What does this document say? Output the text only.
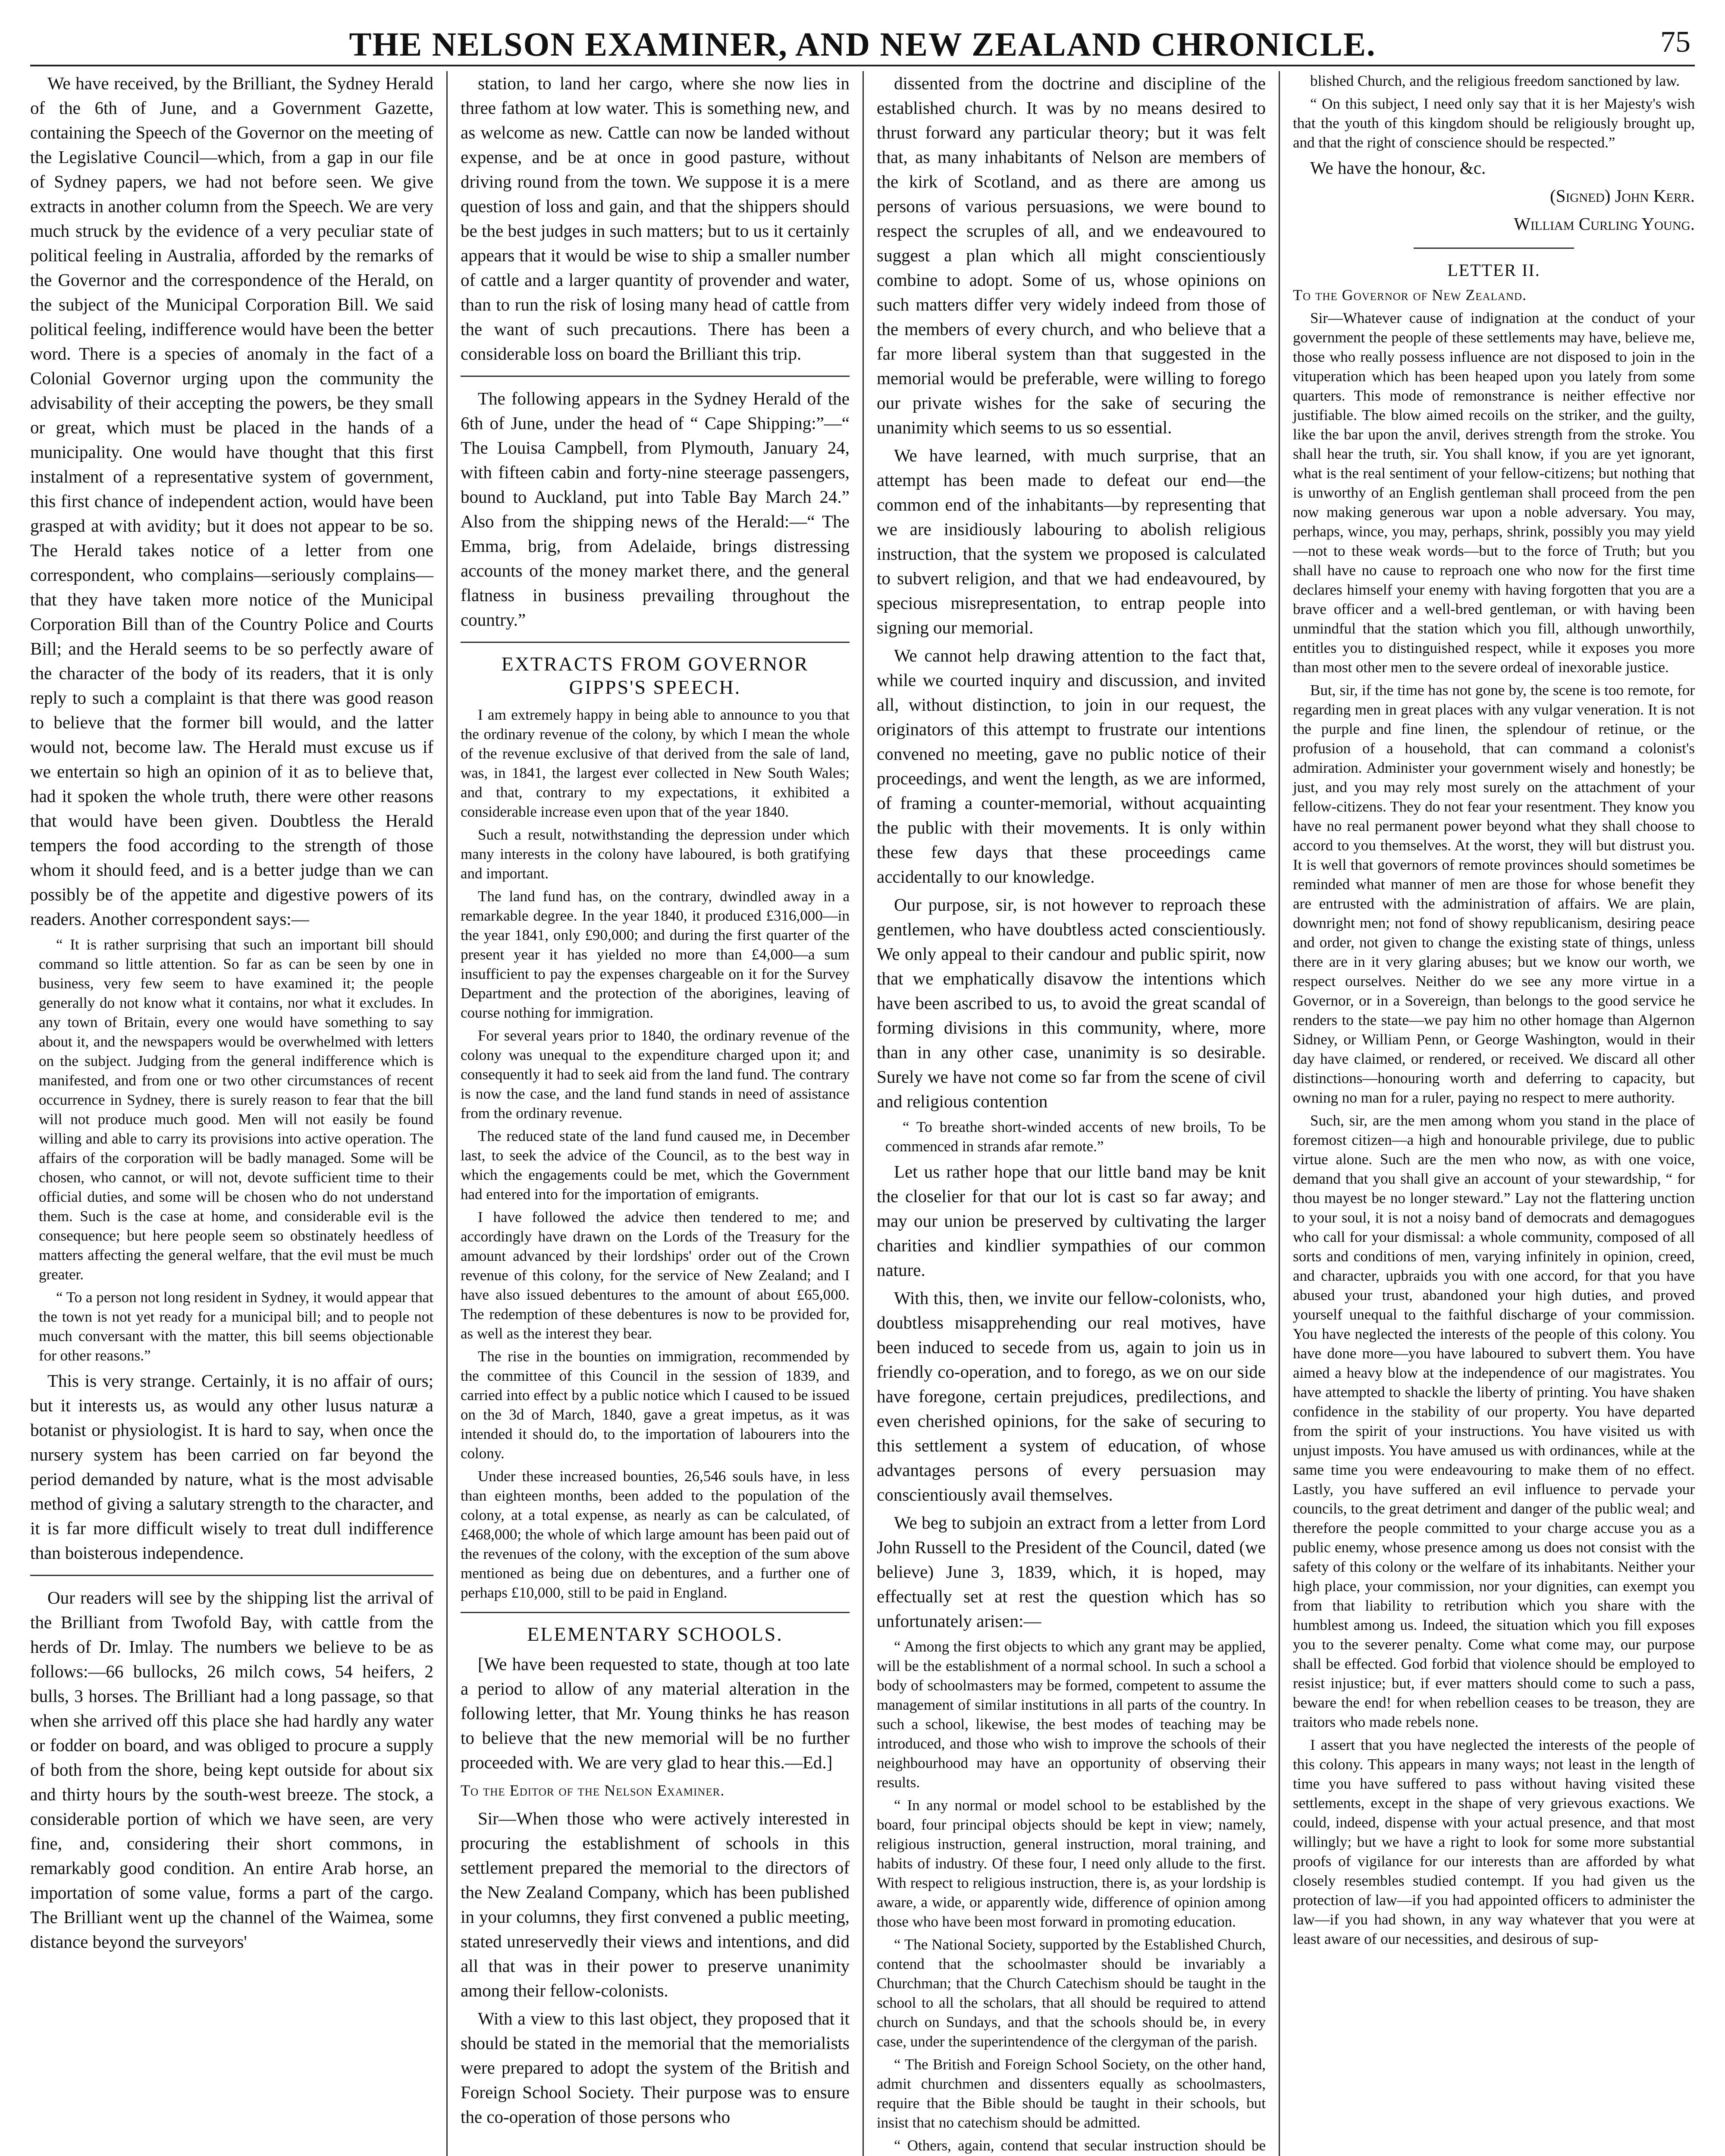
THE NELSON EXAMINER, AND NEW ZEALAND CHRONICLE.	75

We have received, by the Brilliant, the Sydney Herald of the 6th of June, and a Government Gazette, containing the Speech of the Governor on the meeting of the Legislative Council—which, from a gap in our file of Sydney papers, we had not before seen. We give extracts in another column from the Speech. We are very much struck by the evidence of a very peculiar state of political feeling in Australia, afforded by the remarks of the Governor and the correspondence of the Herald, on the subject of the Municipal Corporation Bill. We said political feeling, indifference would have been the better word. There is a species of anomaly in the fact of a Colonial Governor urging upon the community the advisability of their accepting the powers, be they small or great, which must be placed in the hands of a municipality. One would have thought that this first instalment of a representative system of government, this first chance of independent action, would have been grasped at with avidity; but it does not appear to be so. The Herald takes notice of a letter from one correspondent, who complains—seriously complains—that they have taken more notice of the Municipal Corporation Bill than of the Country Police and Courts Bill; and the Herald seems to be so perfectly aware of the character of the body of its readers, that it is only reply to such a complaint is that there was good reason to believe that the former bill would, and the latter would not, become law. The Herald must excuse us if we entertain so high an opinion of it as to believe that, had it spoken the whole truth, there were other reasons that would have been given. Doubtless the Herald tempers the food according to the strength of those whom it should feed, and is a better judge than we can possibly be of the appetite and digestive powers of its readers. Another correspondent says:—

“ It is rather surprising that such an important bill should command so little attention. So far as can be seen by one in business, very few seem to have examined it; the people generally do not know what it contains, nor what it excludes. In any town of Britain, every one would have something to say about it, and the newspapers would be overwhelmed with letters on the subject. Judging from the general indifference which is manifested, and from one or two other circumstances of recent occurrence in Sydney, there is surely reason to fear that the bill will not produce much good. Men will not easily be found willing and able to carry its provisions into active operation. The affairs of the corporation will be badly managed. Some will be chosen, who cannot, or will not, devote sufficient time to their official duties, and some will be chosen who do not understand them. Such is the case at home, and considerable evil is the consequence; but here people seem so obstinately heedless of matters affecting the general welfare, that the evil must be much greater.

“ To a person not long resident in Sydney, it would appear that the town is not yet ready for a municipal bill; and to people not much conversant with the matter, this bill seems objectionable for other reasons.”

This is very strange. Certainly, it is no affair of ours; but it interests us, as would any other lusus naturæ a botanist or physiologist. It is hard to say, when once the nursery system has been carried on far beyond the period demanded by nature, what is the most advisable method of giving a salutary strength to the character, and it is far more difficult wisely to treat dull indifference than boisterous independence.

Our readers will see by the shipping list the arrival of the Brilliant from Twofold Bay, with cattle from the herds of Dr. Imlay. The numbers we believe to be as follows:—66 bullocks, 26 milch cows, 54 heifers, 2 bulls, 3 horses. The Brilliant had a long passage, so that when she arrived off this place she had hardly any water or fodder on board, and was obliged to procure a supply of both from the shore, being kept outside for about six and thirty hours by the south-west breeze. The stock, a considerable portion of which we have seen, are very fine, and, considering their short commons, in remarkably good condition. An entire Arab horse, an importation of some value, forms a part of the cargo. The Brilliant went up the channel of the Waimea, some distance beyond the surveyors'

station, to land her cargo, where she now lies in three fathom at low water. This is something new, and as welcome as new. Cattle can now be landed without expense, and be at once in good pasture, without driving round from the town. We suppose it is a mere question of loss and gain, and that the shippers should be the best judges in such matters; but to us it certainly appears that it would be wise to ship a smaller number of cattle and a larger quantity of provender and water, than to run the risk of losing many head of cattle from the want of such precautions. There has been a considerable loss on board the Brilliant this trip.

The following appears in the Sydney Herald of the 6th of June, under the head of “ Cape Shipping:”—“ The Louisa Campbell, from Plymouth, January 24, with fifteen cabin and forty-nine steerage passengers, bound to Auckland, put into Table Bay March 24.” Also from the shipping news of the Herald:—“ The Emma, brig, from Adelaide, brings distressing accounts of the money market there, and the general flatness in business prevailing throughout the country.”

EXTRACTS FROM GOVERNOR GIPPS'S SPEECH.

I am extremely happy in being able to announce to you that the ordinary revenue of the colony, by which I mean the whole of the revenue exclusive of that derived from the sale of land, was, in 1841, the largest ever collected in New South Wales; and that, contrary to my expectations, it exhibited a considerable increase even upon that of the year 1840.

Such a result, notwithstanding the depression under which many interests in the colony have laboured, is both gratifying and important.

The land fund has, on the contrary, dwindled away in a remarkable degree. In the year 1840, it produced £316,000—in the year 1841, only £90,000; and during the first quarter of the present year it has yielded no more than £4,000—a sum insufficient to pay the expenses chargeable on it for the Survey Department and the protection of the aborigines, leaving of course nothing for immigration.

For several years prior to 1840, the ordinary revenue of the colony was unequal to the expenditure charged upon it; and consequently it had to seek aid from the land fund. The contrary is now the case, and the land fund stands in need of assistance from the ordinary revenue.

The reduced state of the land fund caused me, in December last, to seek the advice of the Council, as to the best way in which the engagements could be met, which the Government had entered into for the importation of emigrants.

I have followed the advice then tendered to me; and accordingly have drawn on the Lords of the Treasury for the amount advanced by their lordships' order out of the Crown revenue of this colony, for the service of New Zealand; and I have also issued debentures to the amount of about £65,000. The redemption of these debentures is now to be provided for, as well as the interest they bear.

The rise in the bounties on immigration, recommended by the committee of this Council in the session of 1839, and carried into effect by a public notice which I caused to be issued on the 3d of March, 1840, gave a great impetus, as it was intended it should do, to the importation of labourers into the colony.

Under these increased bounties, 26,546 souls have, in less than eighteen months, been added to the population of the colony, at a total expense, as nearly as can be calculated, of £468,000; the whole of which large amount has been paid out of the revenues of the colony, with the exception of the sum above mentioned as being due on debentures, and a further one of perhaps £10,000, still to be paid in England.

ELEMENTARY SCHOOLS.

[We have been requested to state, though at too late a period to allow of any material alteration in the following letter, that Mr. Young thinks he has reason to believe that the new memorial will be no further proceeded with. We are very glad to hear this.—Ed.]

To the Editor of the Nelson Examiner.

Sir—When those who were actively interested in procuring the establishment of schools in this settlement prepared the memorial to the directors of the New Zealand Company, which has been published in your columns, they first convened a public meeting, stated unreservedly their views and intentions, and did all that was in their power to preserve unanimity among their fellow-colonists.

With a view to this last object, they proposed that it should be stated in the memorial that the memorialists were prepared to adopt the system of the British and Foreign School Society. Their purpose was to ensure the co-operation of those persons who

dissented from the doctrine and discipline of the established church. It was by no means desired to thrust forward any particular theory; but it was felt that, as many inhabitants of Nelson are members of the kirk of Scotland, and as there are among us persons of various persuasions, we were bound to respect the scruples of all, and we endeavoured to suggest a plan which all might conscientiously combine to adopt. Some of us, whose opinions on such matters differ very widely indeed from those of the members of every church, and who believe that a far more liberal system than that suggested in the memorial would be preferable, were willing to forego our private wishes for the sake of securing the unanimity which seems to us so essential.

We have learned, with much surprise, that an attempt has been made to defeat our end—the common end of the inhabitants—by representing that we are insidiously labouring to abolish religious instruction, that the system we proposed is calculated to subvert religion, and that we had endeavoured, by specious misrepresentation, to entrap people into signing our memorial.

We cannot help drawing attention to the fact that, while we courted inquiry and discussion, and invited all, without distinction, to join in our request, the originators of this attempt to frustrate our intentions convened no meeting, gave no public notice of their proceedings, and went the length, as we are informed, of framing a counter-memorial, without acquainting the public with their movements. It is only within these few days that these proceedings came accidentally to our knowledge.

Our purpose, sir, is not however to reproach these gentlemen, who have doubtless acted conscientiously. We only appeal to their candour and public spirit, now that we emphatically disavow the intentions which have been ascribed to us, to avoid the great scandal of forming divisions in this community, where, more than in any other case, unanimity is so desirable. Surely we have not come so far from the scene of civil and religious contention

“ To breathe short-winded accents of new broils, To be commenced in strands afar remote.”

Let us rather hope that our little band may be knit the closelier for that our lot is cast so far away; and may our union be preserved by cultivating the larger charities and kindlier sympathies of our common nature.

With this, then, we invite our fellow-colonists, who, doubtless misapprehending our real motives, have been induced to secede from us, again to join us in friendly co-operation, and to forego, as we on our side have foregone, certain prejudices, predilections, and even cherished opinions, for the sake of securing to this settlement a system of education, of whose advantages persons of every persuasion may conscientiously avail themselves.

We beg to subjoin an extract from a letter from Lord John Russell to the President of the Council, dated (we believe) June 3, 1839, which, it is hoped, may effectually set at rest the question which has so unfortunately arisen:—

“ Among the first objects to which any grant may be applied, will be the establishment of a normal school. In such a school a body of schoolmasters may be formed, competent to assume the management of similar institutions in all parts of the country. In such a school, likewise, the best modes of teaching may be introduced, and those who wish to improve the schools of their neighbourhood may have an opportunity of observing their results.

“ In any normal or model school to be established by the board, four principal objects should be kept in view; namely, religious instruction, general instruction, moral training, and habits of industry. Of these four, I need only allude to the first. With respect to religious instruction, there is, as your lordship is aware, a wide, or apparently wide, difference of opinion among those who have been most forward in promoting education.

“ The National Society, supported by the Established Church, contend that the schoolmaster should be invariably a Churchman; that the Church Catechism should be taught in the school to all the scholars, that all should be required to attend church on Sundays, and that the schools should be, in every case, under the superintendence of the clergyman of the parish.

“ The British and Foreign School Society, on the other hand, admit churchmen and dissenters equally as schoolmasters, require that the Bible should be taught in their schools, but insist that no catechism should be admitted.

“ Others, again, contend that secular instruction should be

blished Church, and the religious freedom sanctioned by law.

“ On this subject, I need only say that it is her Majesty's wish that the youth of this kingdom should be religiously brought up, and that the right of conscience should be respected.”

We have the honour, &c.

(Signed) John Kerr.

William Curling Young.

LETTER II.

To the Governor of New Zealand.

Sir—Whatever cause of indignation at the conduct of your government the people of these settlements may have, believe me, those who really possess influence are not disposed to join in the vituperation which has been heaped upon you lately from some quarters. This mode of remonstrance is neither effective nor justifiable. The blow aimed recoils on the striker, and the guilty, like the bar upon the anvil, derives strength from the stroke. You shall hear the truth, sir. You shall know, if you are yet ignorant, what is the real sentiment of your fellow-citizens; but nothing that is unworthy of an English gentleman shall proceed from the pen now making generous war upon a noble adversary. You may, perhaps, wince, you may, perhaps, shrink, possibly you may yield—not to these weak words—but to the force of Truth; but you shall have no cause to reproach one who now for the first time declares himself your enemy with having forgotten that you are a brave officer and a well-bred gentleman, or with having been unmindful that the station which you fill, although unworthily, entitles you to distinguished respect, while it exposes you more than most other men to the severe ordeal of inexorable justice.

But, sir, if the time has not gone by, the scene is too remote, for regarding men in great places with any vulgar veneration. It is not the purple and fine linen, the splendour of retinue, or the profusion of a household, that can command a colonist's admiration. Administer your government wisely and honestly; be just, and you may rely most surely on the attachment of your fellow-citizens. They do not fear your resentment. They know you have no real permanent power beyond what they shall choose to accord to you themselves. At the worst, they will but distrust you. It is well that governors of remote provinces should sometimes be reminded what manner of men are those for whose benefit they are entrusted with the administration of affairs. We are plain, downright men; not fond of showy republicanism, desiring peace and order, not given to change the existing state of things, unless there are in it very glaring abuses; but we know our worth, we respect ourselves. Neither do we see any more virtue in a Governor, or in a Sovereign, than belongs to the good service he renders to the state—we pay him no other homage than Algernon Sidney, or William Penn, or George Washington, would in their day have claimed, or rendered, or received. We discard all other distinctions—honouring worth and deferring to capacity, but owning no man for a ruler, paying no respect to mere authority.

Such, sir, are the men among whom you stand in the place of foremost citizen—a high and honourable privilege, due to public virtue alone. Such are the men who now, as with one voice, demand that you shall give an account of your stewardship, “ for thou mayest be no longer steward.” Lay not the flattering unction to your soul, it is not a noisy band of democrats and demagogues who call for your dismissal: a whole community, composed of all sorts and conditions of men, varying infinitely in opinion, creed, and character, upbraids you with one accord, for that you have abused your trust, abandoned your high duties, and proved yourself unequal to the faithful discharge of your commission. You have neglected the interests of the people of this colony. You have done more—you have laboured to subvert them. You have aimed a heavy blow at the independence of our magistrates. You have attempted to shackle the liberty of printing. You have shaken confidence in the stability of our property. You have departed from the spirit of your instructions. You have visited us with unjust imposts. You have amused us with ordinances, while at the same time you were endeavouring to make them of no effect. Lastly, you have suffered an evil influence to pervade your councils, to the great detriment and danger of the public weal; and therefore the people committed to your charge accuse you as a public enemy, whose presence among us does not consist with the safety of this colony or the welfare of its inhabitants. Neither your high place, your commission, nor your dignities, can exempt you from that liability to retribution which you share with the humblest among us. Indeed, the situation which you fill exposes you to the severer penalty. Come what come may, our purpose shall be effected. God forbid that violence should be employed to resist injustice; but, if ever matters should come to such a pass, beware the end! for when rebellion ceases to be treason, they are traitors who made rebels none.

I assert that you have neglected the interests of the people of this colony. This appears in many ways; not least in the length of time you have suffered to pass without having visited these settlements, except in the shape of very grievous exactions. We could, indeed, dispense with your actual presence, and that most willingly; but we have a right to look for some more substantial proofs of vigilance for our interests than are afforded by what closely resembles studied contempt. If you had given us the protection of law—if you had appointed officers to administer the law—if you had shown, in any way whatever that you were at least aware of our necessities, and desirous of sup-
